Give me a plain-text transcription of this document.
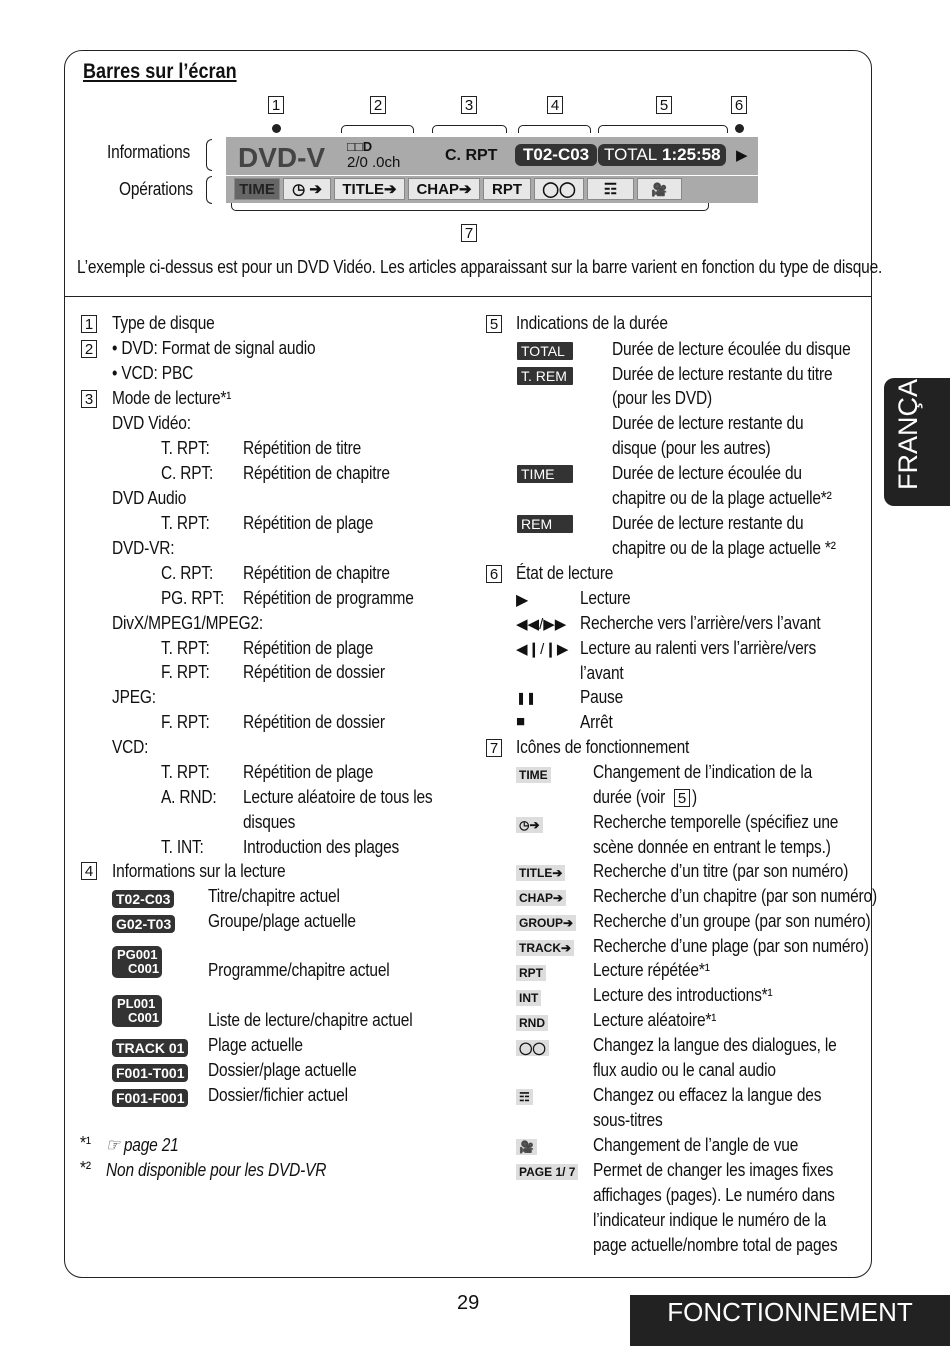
Barres sur l’écran
1	2	3	4	5	6
Informations
Opérations
DVD-V □□D
2/0 .0ch	C. RPT	T02-C03 TOTAL 1:25:58 ▶
TIME	◷ ➔	TITLE➔	CHAP➔	RPT	◯◯	☶	🎥
7
L’exemple ci-dessus est pour un DVD Vidéo. Les articles apparaissant sur la barre varient en fonction du type de disque.
1 Type de disque
2 • DVD: Format de signal audio
• VCD: PBC
3 Mode de lecture*¹
DVD Vidéo:
T. RPT: Répétition de titre
C. RPT: Répétition de chapitre
DVD Audio
T. RPT: Répétition de plage
DVD-VR:
C. RPT: Répétition de chapitre
PG. RPT: Répétition de programme
DivX/MPEG1/MPEG2:
T. RPT: Répétition de plage
F. RPT: Répétition de dossier
JPEG:
F. RPT: Répétition de dossier
VCD:
T. RPT: Répétition de plage
A. RND: Lecture aléatoire de tous les
disques
T. INT: Introduction des plages
4 Informations sur la lecture
T02-C03 Titre/chapitre actuel
G02-T03 Groupe/plage actuelle
PG001
C001	Programme/chapitre actuel
PL001
C001	Liste de lecture/chapitre actuel
TRACK 01 Plage actuelle
F001-T001 Dossier/plage actuelle
F001-F001 Dossier/fichier actuel
*¹ ☞ page 21
*² Non disponible pour les DVD-VR
5 Indications de la durée
TOTAL	Durée de lecture écoulée du disque
T. REM	Durée de lecture restante du titre
(pour les DVD)
Durée de lecture restante du
disque (pour les autres)
TIME	Durée de lecture écoulée du
chapitre ou de la plage actuelle*²
REM	Durée de lecture restante du
chapitre ou de la plage actuelle *²
6 État de lecture
▶	Lecture
◀◀/▶▶ Recherche vers l’arrière/vers l’avant
◀❙/❙▶ Lecture au ralenti vers l’arrière/vers
l’avant
❚❚ Pause
■	Arrêt
7 Icônes de fonctionnement
TIME	Changement de l’indication de la
durée (voir 5 )
◷➔	Recherche temporelle (spécifiez une
scène donnée en entrant le temps.)
TITLE➔ Recherche d’un titre (par son numéro)
CHAP➔ Recherche d’un chapitre (par son numéro)
GROUP➔ Recherche d’un groupe (par son numéro)
TRACK➔ Recherche d’une plage (par son numéro)
RPT	Lecture répétée*¹
INT	Lecture des introductions*¹
RND	Lecture aléatoire*¹
◯◯	Changez la langue des dialogues, le
flux audio ou le canal audio
☶	Changez ou effacez la langue des
sous-titres
🎥	Changement de l’angle de vue
PAGE 1/ 7 Permet de changer les images fixes
affichages (pages). Le numéro dans
l’indicateur indique le numéro de la
page actuelle/nombre total de pages
FRANÇAIS
29	FONCTIONNEMENT
